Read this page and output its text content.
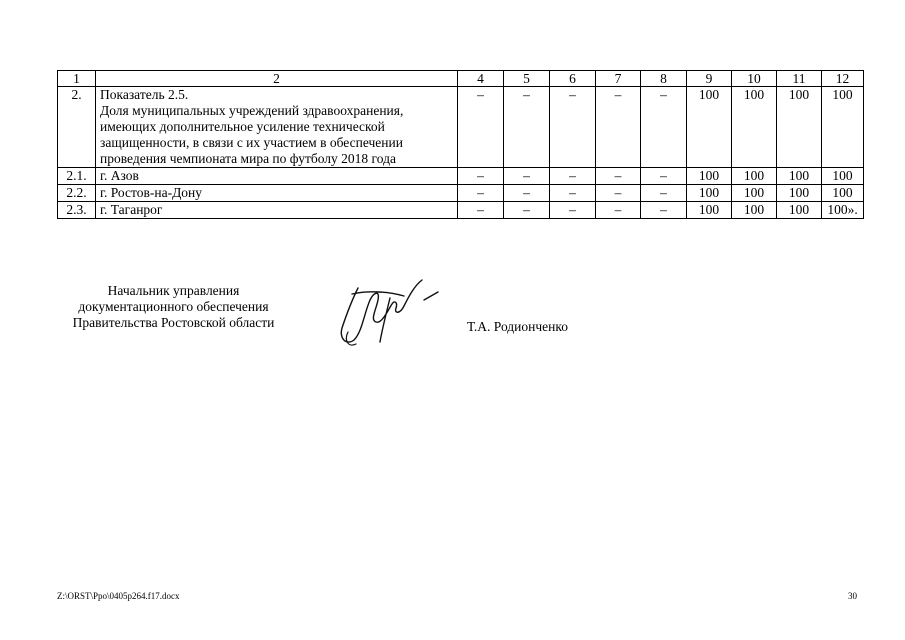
1	2	4	5	6	7	8	9	10	11	12
2.	Показатель 2.5.
Доля муниципальных учреждений здравоохранения,
имеющих дополнительное усиление технической
защищенности, в связи с их участием в обеспечении
проведения чемпионата мира по футболу 2018 года	–	–	–	–	–	100	100	100	100
2.1.	г. Азов	–	–	–	–	–	100	100	100	100
2.2.	г. Ростов-на-Дону	–	–	–	–	–	100	100	100	100
2.3.	г. Таганрог	–	–	–	–	–	100	100	100	100».
Начальник управления
документационного обеспечения
Правительства Ростовской области	Т.А. Родионченко
Z:\ORST\Ppo\0405p264.f17.docx	30
